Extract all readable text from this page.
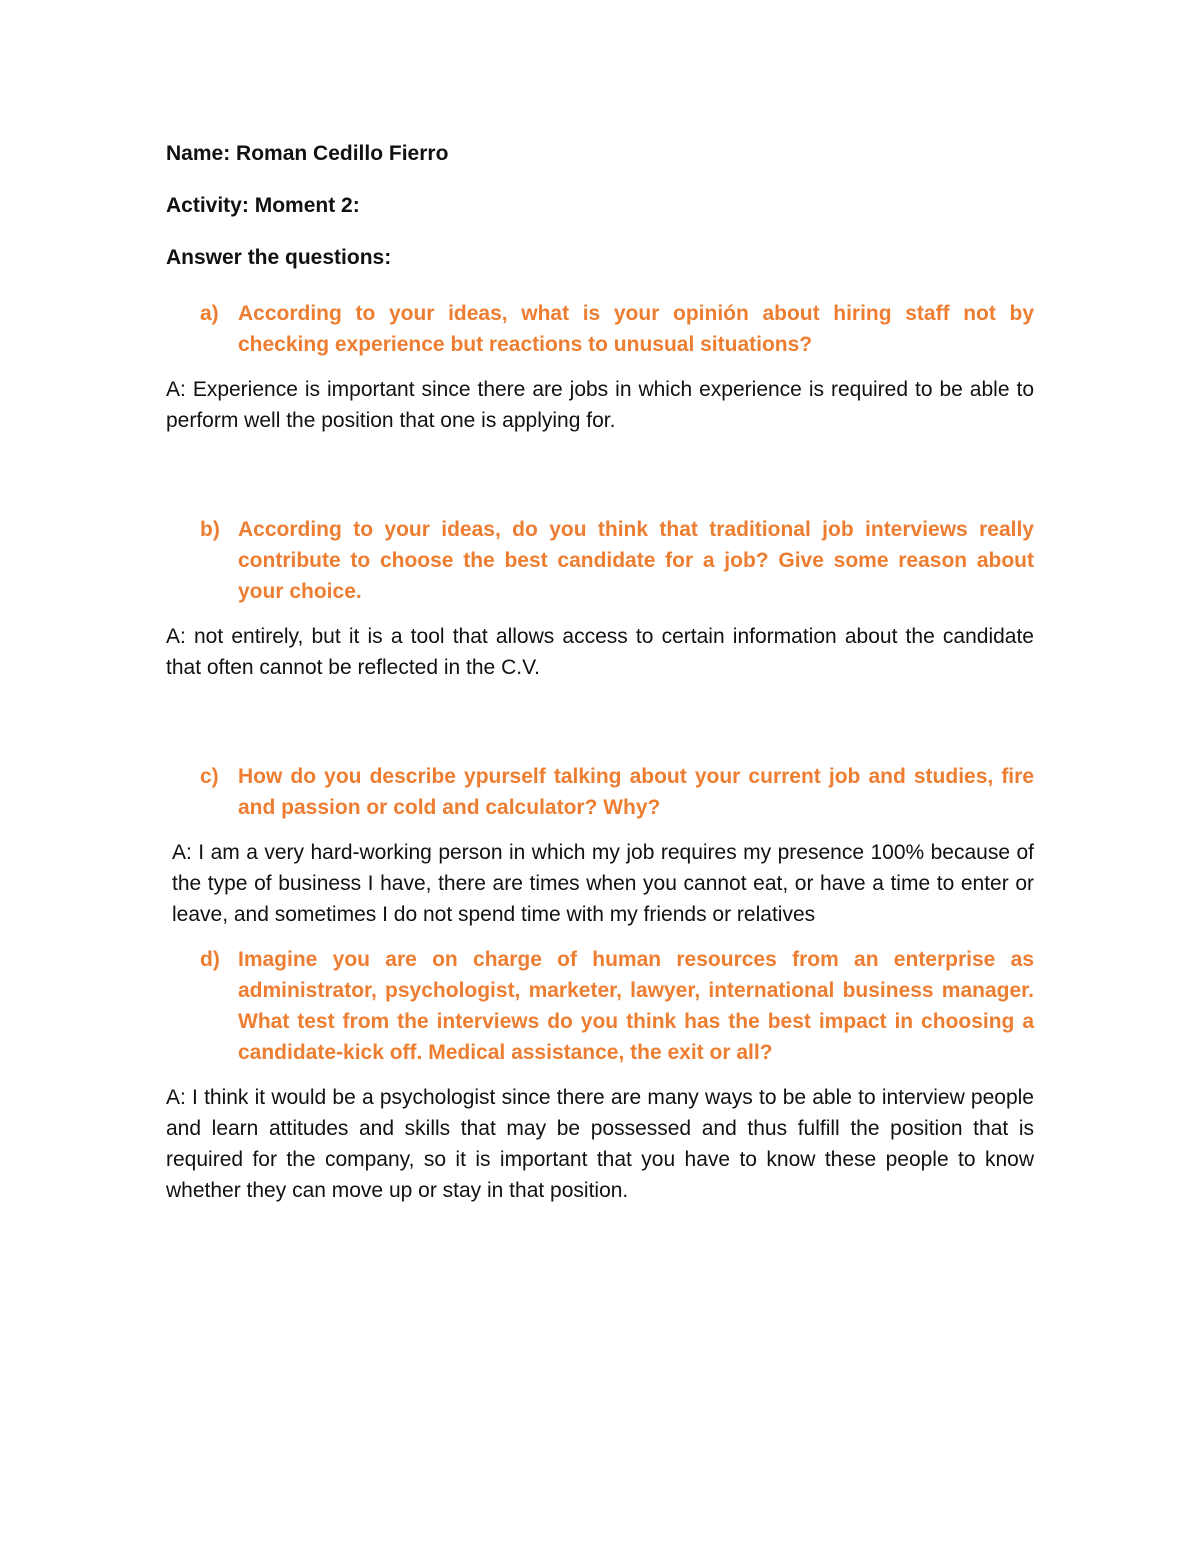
Name: Roman Cedillo Fierro

Activity: Moment 2:

Answer the questions:

a) According to your ideas, what is your opinión about hiring staff not by checking experience but reactions to unusual situations?

A: Experience is important since there are jobs in which experience is required to be able to perform well the position that one is applying for.

b) According to your ideas, do you think that traditional job interviews really contribute to choose the best candidate for a job? Give some reason about your choice.

A: not entirely, but it is a tool that allows access to certain information about the candidate that often cannot be reflected in the C.V.

c) How do you describe ypurself talking about your current job and studies, fire and passion or cold and calculator? Why?

A: I am a very hard-working person in which my job requires my presence 100% because of the type of business I have, there are times when you cannot eat, or have a time to enter or leave, and sometimes I do not spend time with my friends or relatives

d) Imagine you are on charge of human resources from an enterprise as administrator, psychologist, marketer, lawyer, international business manager. What test from the interviews do you think has the best impact in choosing a candidate-kick off. Medical assistance, the exit or all?

A: I think it would be a psychologist since there are many ways to be able to interview people and learn attitudes and skills that may be possessed and thus fulfill the position that is required for the company, so it is important that you have to know these people to know whether they can move up or stay in that position.
